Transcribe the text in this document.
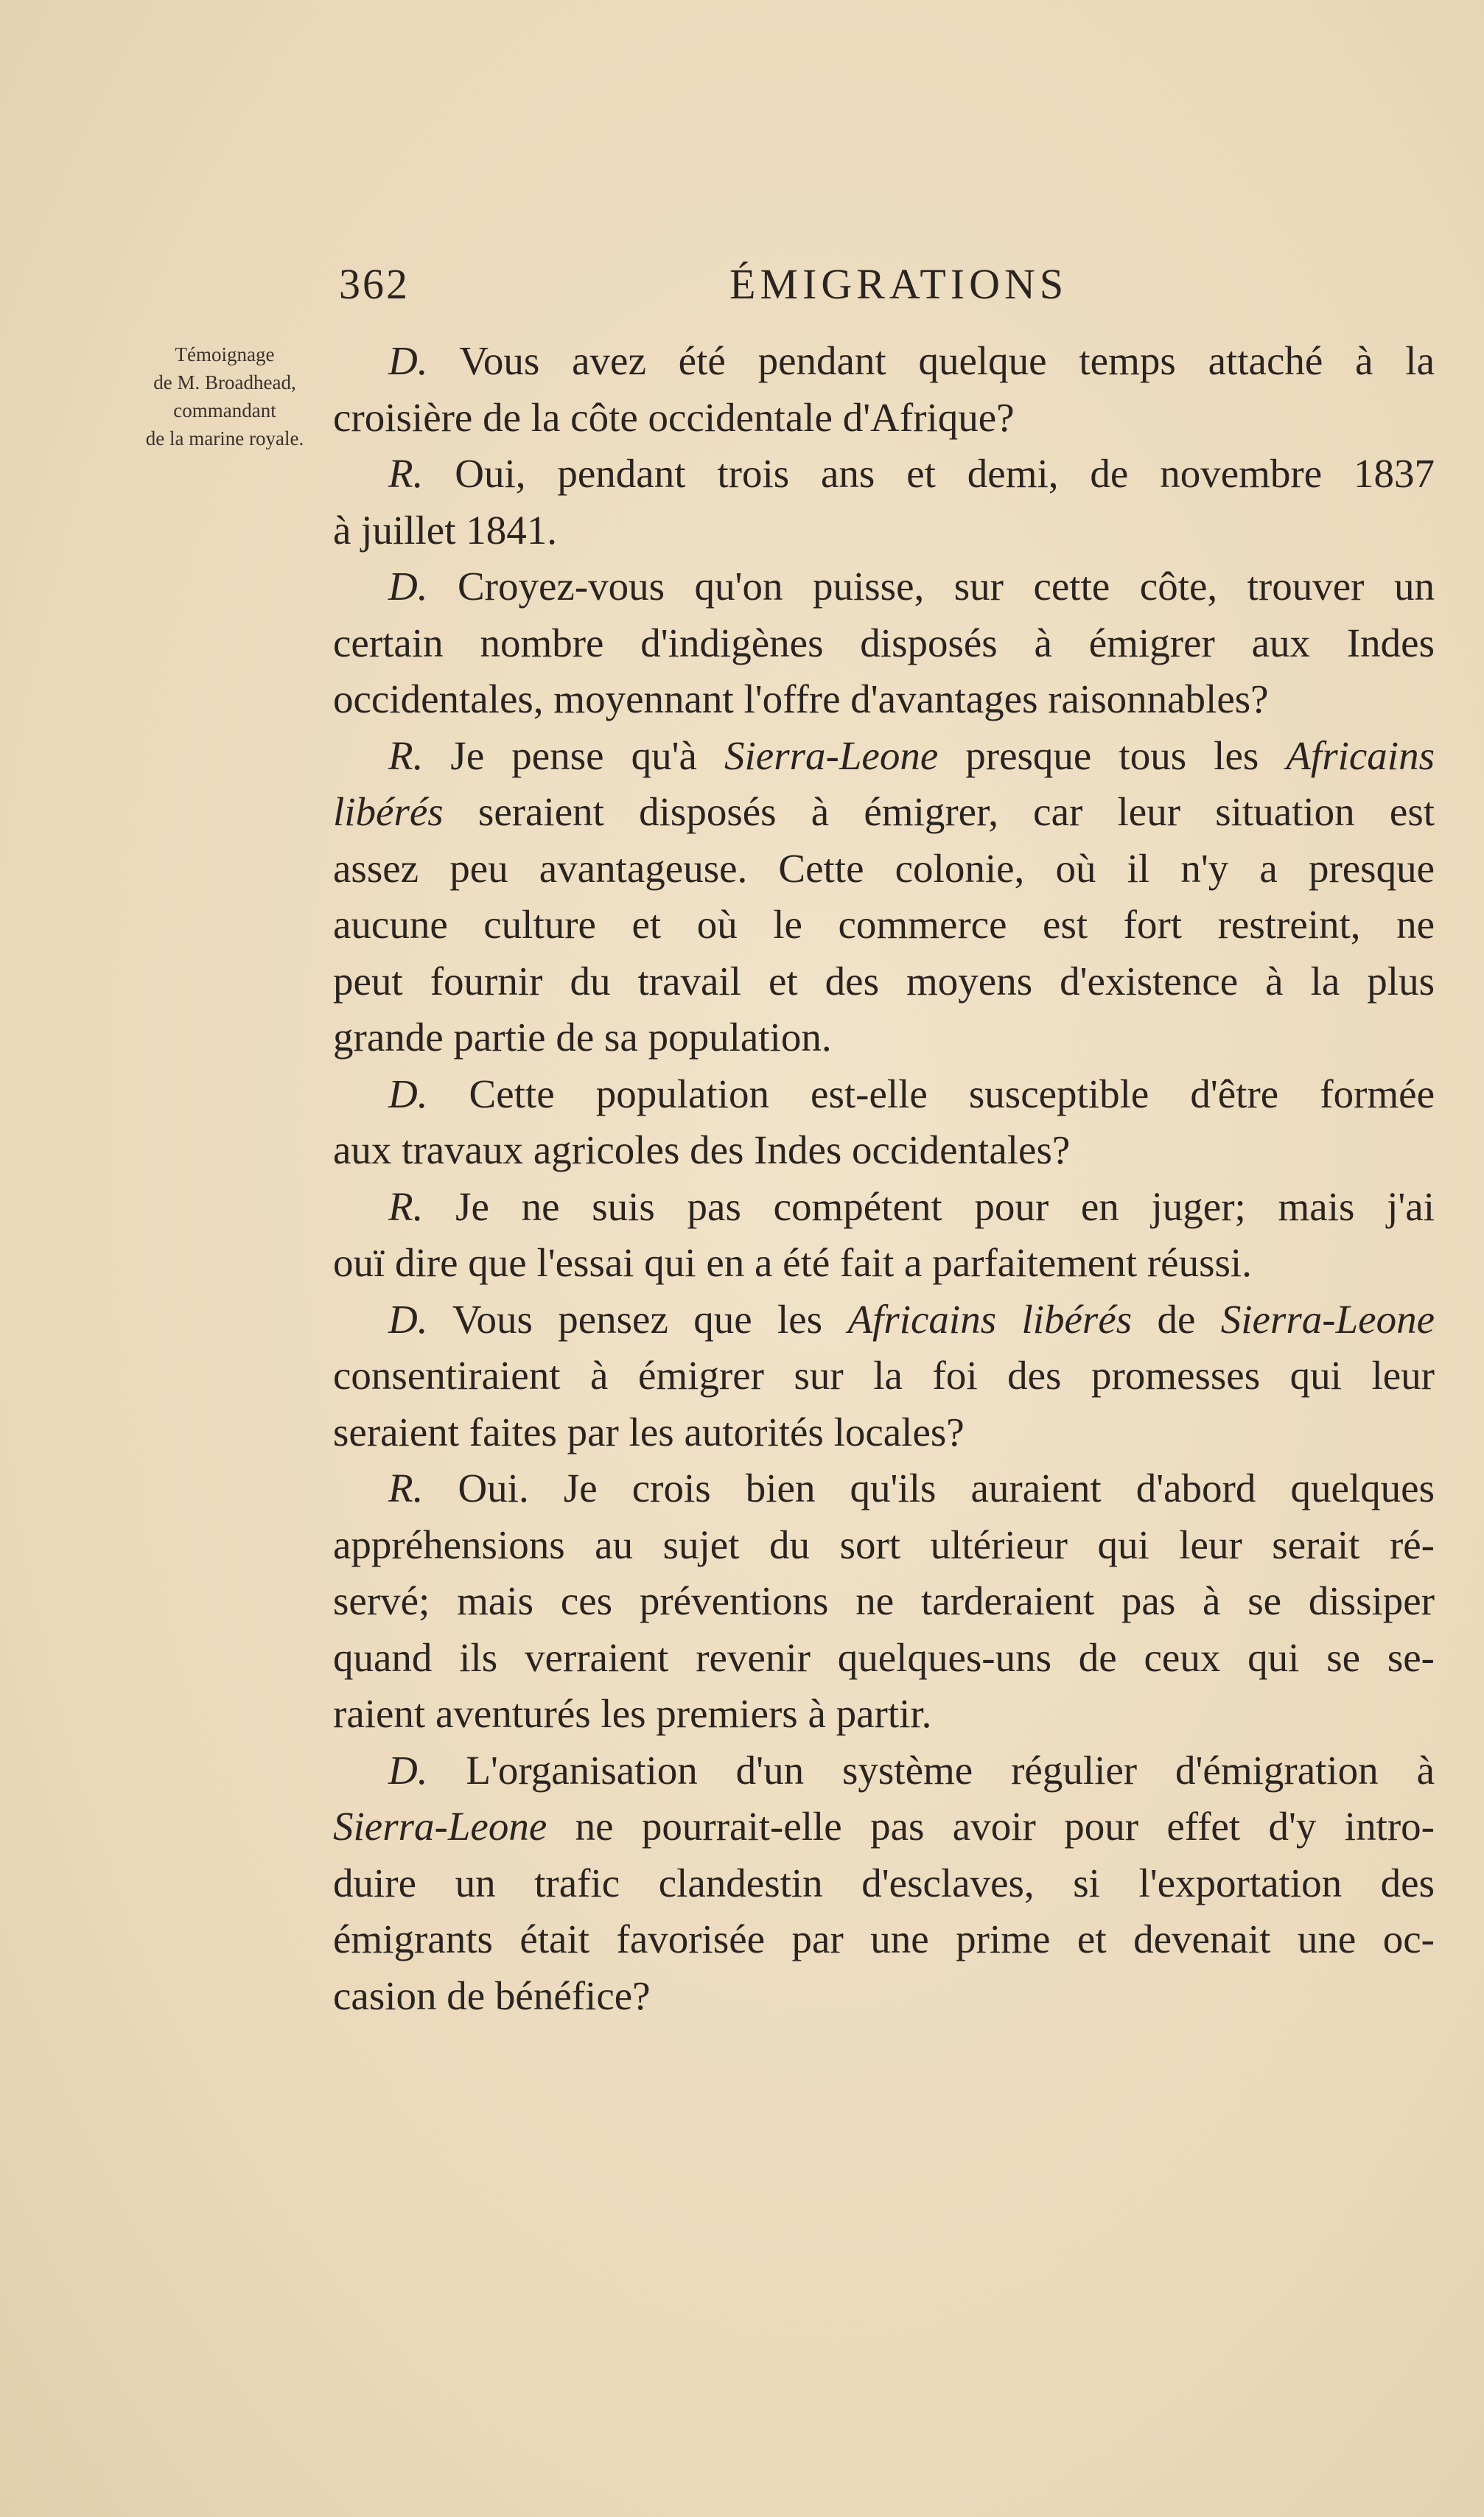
362	ÉMIGRATIONS
Témoignage
de M. Broadhead,
commandant
de la marine royale.
D. Vous avez été pendant quelque temps attaché à la
croisière de la côte occidentale d'Afrique?
R. Oui, pendant trois ans et demi, de novembre 1837
à juillet 1841.
D. Croyez-vous qu'on puisse, sur cette côte, trouver un
certain nombre d'indigènes disposés à émigrer aux Indes
occidentales, moyennant l'offre d'avantages raisonnables?
R. Je pense qu'à Sierra-Leone presque tous les Africains
libérés seraient disposés à émigrer, car leur situation est
assez peu avantageuse. Cette colonie, où il n'y a presque
aucune culture et où le commerce est fort restreint, ne
peut fournir du travail et des moyens d'existence à la plus
grande partie de sa population.
D. Cette population est-elle susceptible d'être formée
aux travaux agricoles des Indes occidentales?
R. Je ne suis pas compétent pour en juger; mais j'ai
ouï dire que l'essai qui en a été fait a parfaitement réussi.
D. Vous pensez que les Africains libérés de Sierra-Leone
consentiraient à émigrer sur la foi des promesses qui leur
seraient faites par les autorités locales?
R. Oui. Je crois bien qu'ils auraient d'abord quelques
appréhensions au sujet du sort ultérieur qui leur serait ré-
servé; mais ces préventions ne tarderaient pas à se dissiper
quand ils verraient revenir quelques-uns de ceux qui se se-
raient aventurés les premiers à partir.
D. L'organisation d'un système régulier d'émigration à
Sierra-Leone ne pourrait-elle pas avoir pour effet d'y intro-
duire un trafic clandestin d'esclaves, si l'exportation des
émigrants était favorisée par une prime et devenait une oc-
casion de bénéfice?
